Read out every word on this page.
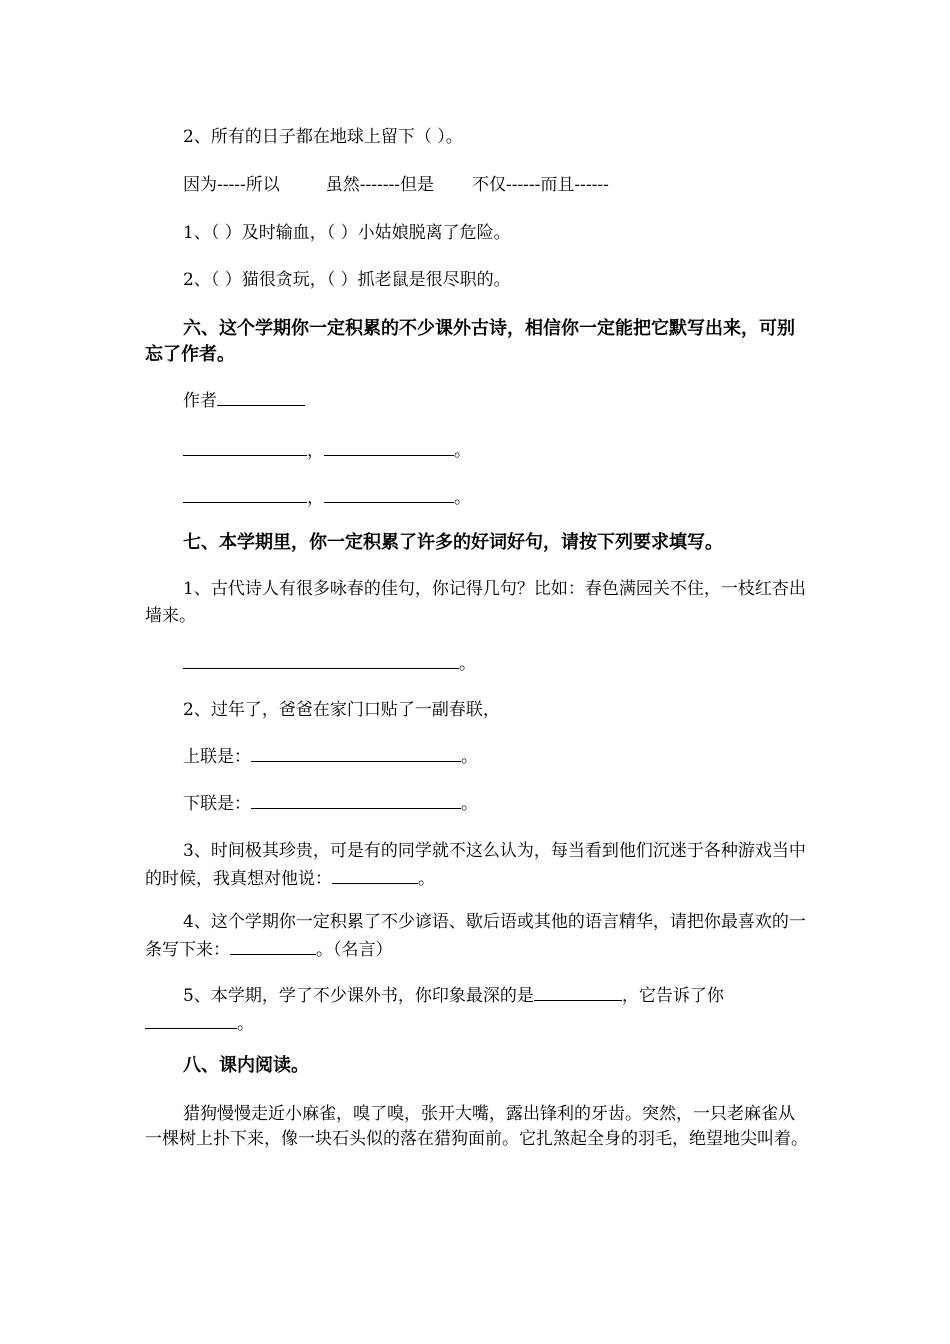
2、所有的日子都在地球上留下（ ）。
因为-----所以	虽然-------但是 不仅------而且------
1、（ ）及时输血，（ ）小姑娘脱离了危险。
2、（ ）猫很贪玩，（ ）抓老鼠是很尽职的。
六、这个学期你一定积累的不少课外古诗，相信你一定能把它默写出来，可别忘了作者。
作者
，	。
，	。
七、本学期里，你一定积累了许多的好词好句，请按下列要求填写。
1、古代诗人有很多咏春的佳句，你记得几句？比如：春色满园关不住，一枝红杏出墙来。
。
2、过年了，爸爸在家门口贴了一副春联，
上联是：	。
下联是：	。
3、时间极其珍贵，可是有的同学就不这么认为，每当看到他们沉迷于各种游戏当中的时候，我真想对他说：	。
4、这个学期你一定积累了不少谚语、歇后语或其他的语言精华，请把你最喜欢的一条写下来：	。（名言）
5、本学期，学了不少课外书，你印象最深的是	，它告诉了你。
八、课内阅读。
猎狗慢慢走近小麻雀，嗅了嗅，张开大嘴，露出锋利的牙齿。突然，一只老麻雀从一棵树上扑下来，像一块石头似的落在猎狗面前。它扎煞起全身的羽毛，绝望地尖叫着。
